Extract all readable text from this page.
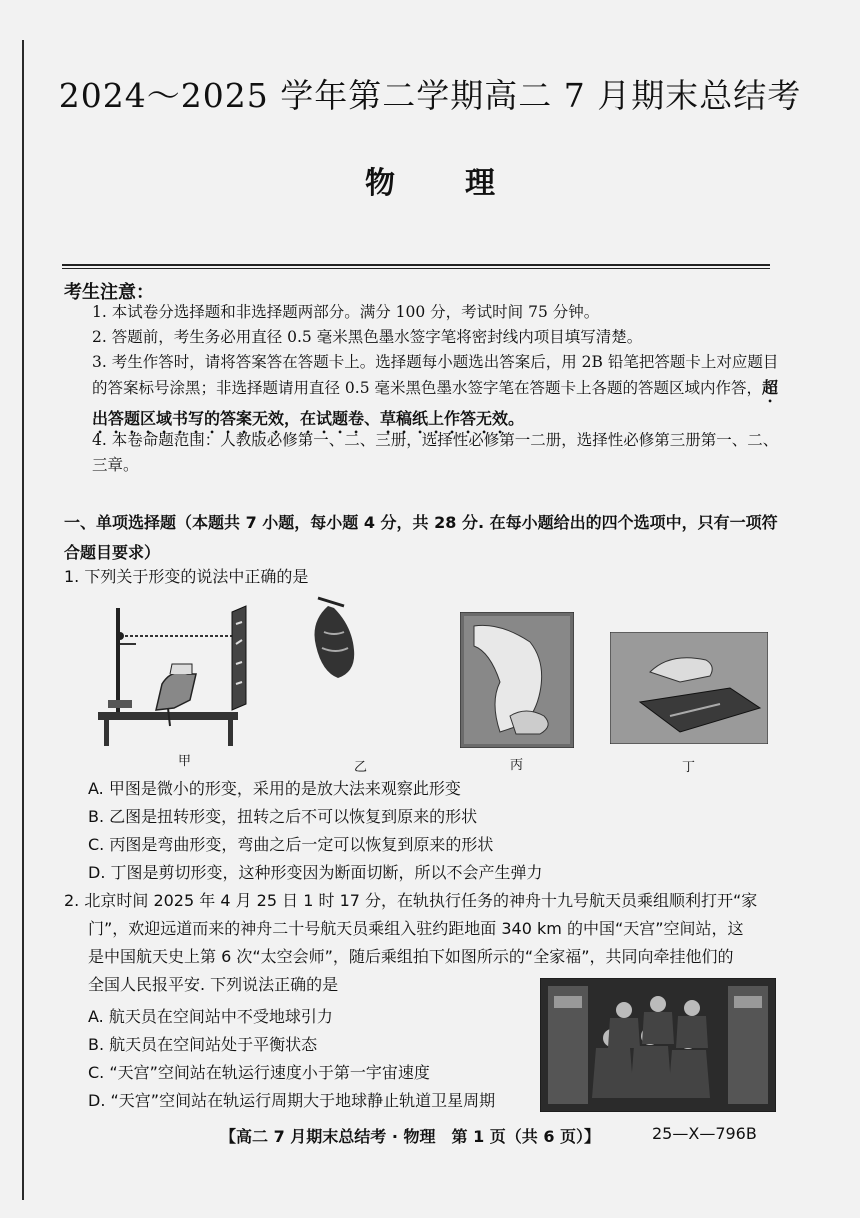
2024～2025 学年第二学期高二 7 月期末总结考
物理
考生注意：
1. 本试卷分选择题和非选择题两部分。满分 100 分，考试时间 75 分钟。
2. 答题前，考生务必用直径 0.5 毫米黑色墨水签字笔将密封线内项目填写清楚。
3. 考生作答时，请将答案答在答题卡上。选择题每小题选出答案后，用 2B 铅笔把答题卡上对应题目的答案标号涂黑；非选择题请用直径 0.5 毫米黑色墨水签字笔在答题卡上各题的答题区域内作答，超出答题区域书写的答案无效，在试题卷、草稿纸上作答无效。
4. 本卷命题范围：人教版必修第一、二、三册，选择性必修第一二册，选择性必修第三册第一、二、三章。
一、单项选择题（本题共 7 小题，每小题 4 分，共 28 分. 在每小题给出的四个选项中，只有一项符合题目要求）
1. 下列关于形变的说法中正确的是
甲	乙	丙	丁
A. 甲图是微小的形变，采用的是放大法来观察此形变
B. 乙图是扭转形变，扭转之后不可以恢复到原来的形状
C. 丙图是弯曲形变，弯曲之后一定可以恢复到原来的形状
D. 丁图是剪切形变，这种形变因为断面切断，所以不会产生弹力
2. 北京时间 2025 年 4 月 25 日 1 时 17 分，在轨执行任务的神舟十九号航天员乘组顺利打开“家
门”，欢迎远道而来的神舟二十号航天员乘组入驻约距地面 340 km 的中国“天宫”空间站，这
是中国航天史上第 6 次“太空会师”，随后乘组拍下如图所示的“全家福”，共同向牵挂他们的
全国人民报平安. 下列说法正确的是
A. 航天员在空间站中不受地球引力
B. 航天员在空间站处于平衡状态
C. “天宫”空间站在轨运行速度小于第一宇宙速度
D. “天宫”空间站在轨运行周期大于地球静止轨道卫星周期
【高二 7 月期末总结考 · 物理　第 1 页（共 6 页）】	25—X—796B
